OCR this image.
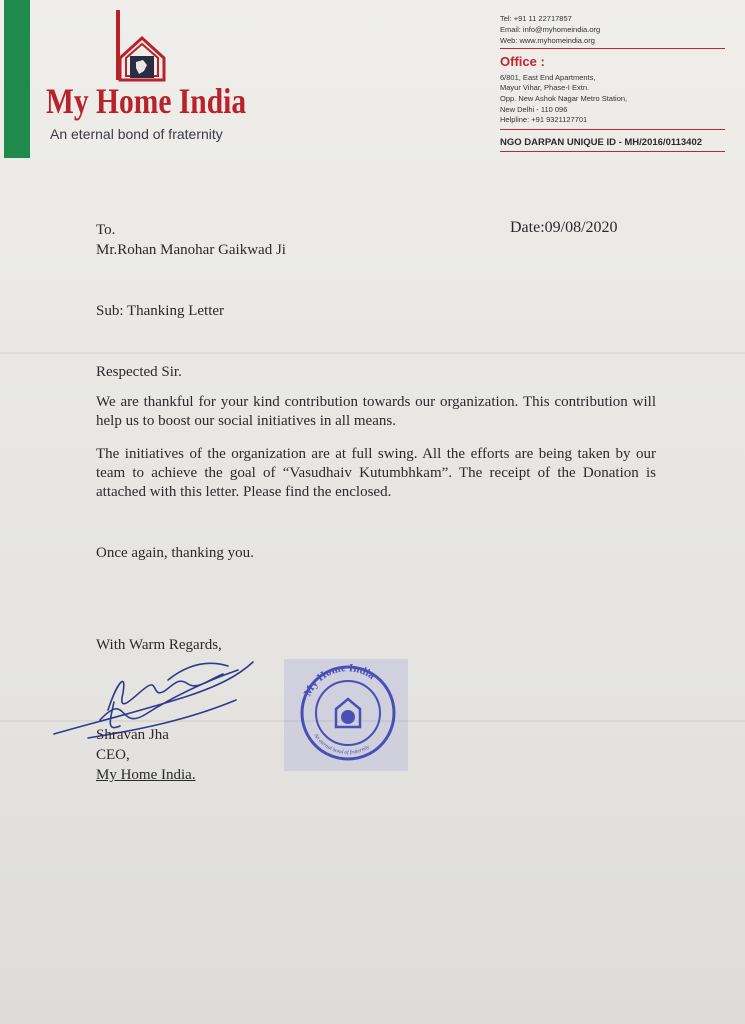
My Home India
An eternal bond of fraternity
Tel: +91 11 22717857
Email: info@myhomeindia.org
Web: www.myhomeindia.org
Office :
6/801, East End Apartments,
Mayur Vihar, Phase-I Extn.
Opp. New Ashok Nagar Metro Station,
New Delhi - 110 096
Helpline: +91 9321127701
NGO DARPAN UNIQUE ID - MH/2016/0113402
To.	Date:09/08/2020
Mr.Rohan Manohar Gaikwad Ji
Sub: Thanking Letter
Respected Sir.
We are thankful for your kind contribution towards our organization. This contribution will help us to boost our social initiatives in all means.
The initiatives of the organization are at full swing. All the efforts are being taken by our team to achieve the goal of “Vasudhaiv Kutumbhkam”. The receipt of the Donation is attached with this letter. Please find the enclosed.
Once again, thanking you.
With Warm Regards,
Shravan Jha
CEO,
My Home India.
My Home India
An eternal bond of fraternity
